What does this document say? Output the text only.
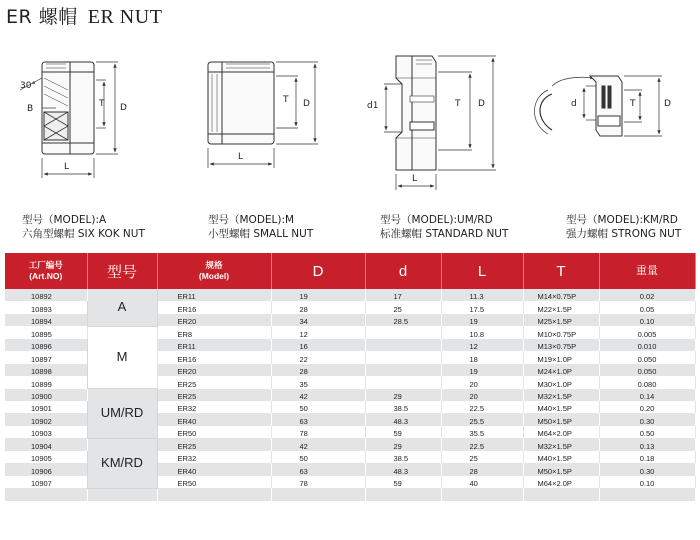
ER 螺帽 ER NUT
30°
B	T D
L
T D
L
d1	T D
L
d	T	D
型号（MODEL):A
六角型螺帽 SIX KOK NUT
型号（MODEL):M
小型螺帽 SMALL NUT
型号（MODEL):UM/RD
标准螺帽 STANDARD NUT
型号（MODEL):KM/RD
强力螺帽 STRONG NUT
工厂编号
(Art.NO)	型号	规格
(Model)	D	d	L	T	重量
10892	A	ER11	19	17	11.3	M14×0.75P	0.02
10893		ER16	28	25	17.5	M22×1.5P	0.05
10894		ER20	34	28.5	19	M25×1.5P	0.10
10895	M	ER8	12		10.8	M10×0.75P	0.005
10896		ER11	16		12	M13×0.75P	0.010
10897		ER16	22		18	M19×1.0P	0.050
10898		ER20	28		19	M24×1.0P	0.050
10899		ER25	35		20	M30×1.0P	0.080
10900	UM/RD	ER25	42	29	20	M32×1.5P	0.14
10901		ER32	50	38.5	22.5	M40×1.5P	0.20
10902		ER40	63	48.3	25.5	M50×1.5P	0.30
10903		ER50	78	59	35.5	M64×2.0P	0.50
10904	KM/RD	ER25	42	29	22.5	M32×1.5P	0.13
10905		ER32	50	38.5	25	M40×1.5P	0.18
10906		ER40	63	48.3	28	M50×1.5P	0.30
10907		ER50	78	59	40	M64×2.0P	0.10
